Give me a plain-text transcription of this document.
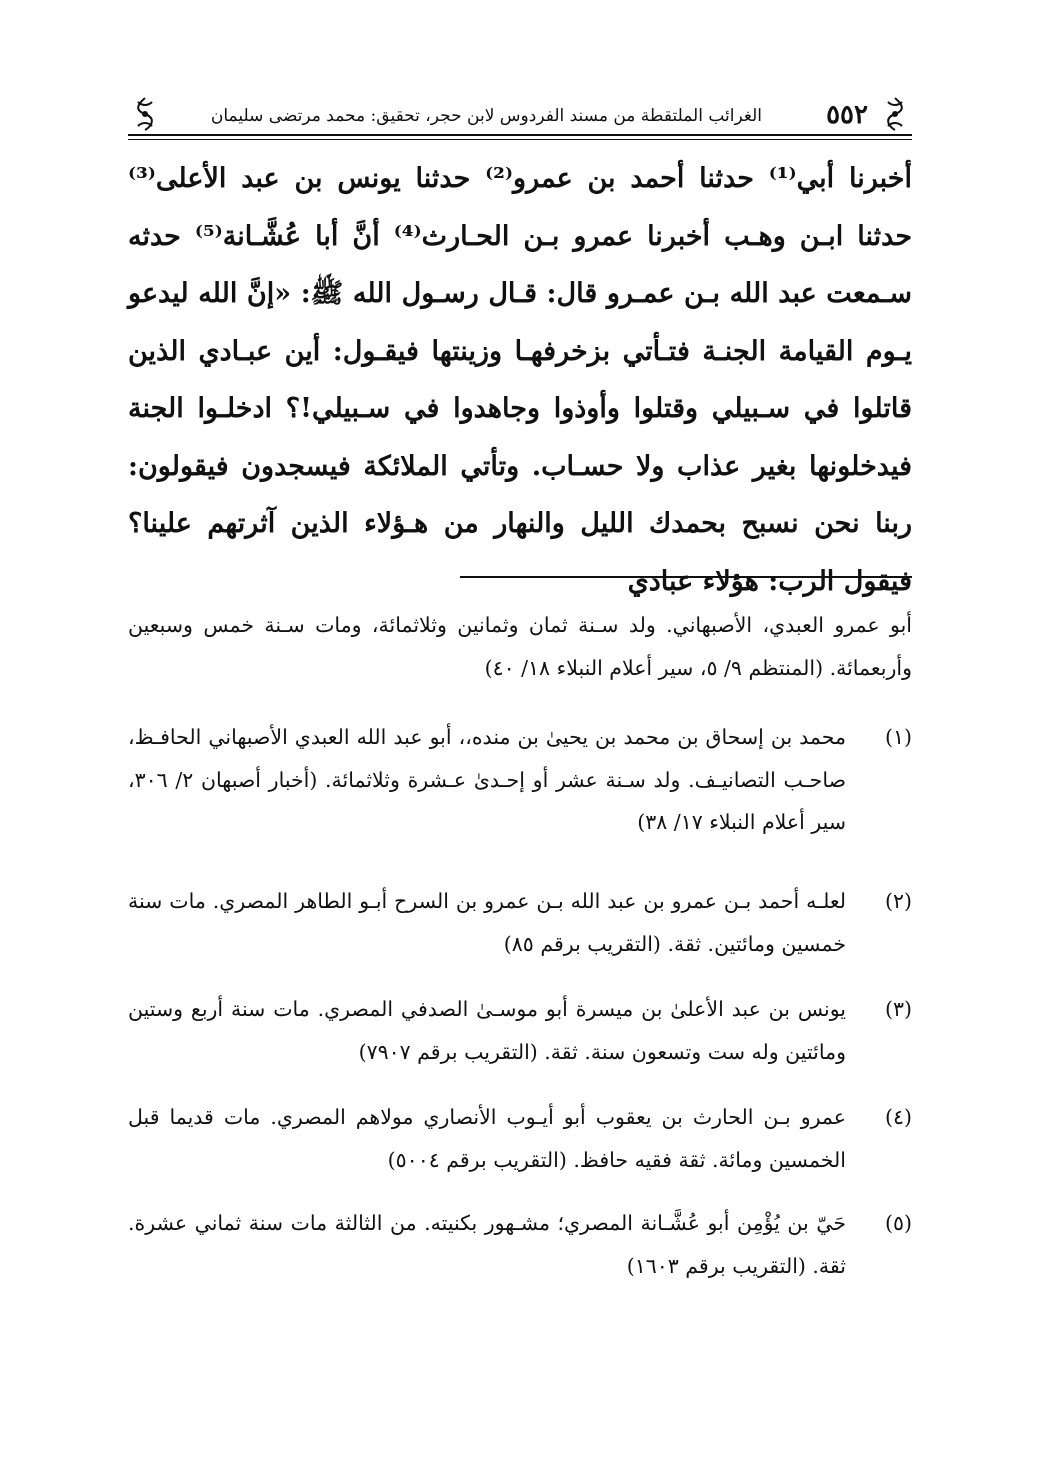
٥٥٢
الغرائب الملتقطة من مسند الفردوس لابن حجر، تحقيق: محمد مرتضى سليمان

أخبرنا أبي⁽¹⁾ حدثنا أحمد بن عمرو⁽²⁾ حدثنا يونس بن عبد الأعلى⁽³⁾ حدثنا ابـن وهـب أخبرنا عمرو بـن الحـارث⁽⁴⁾ أنَّ أبا عُشَّـانة⁽⁵⁾ حدثه سـمعت عبد الله بـن عمـرو قال: قـال رسـول الله ﷺ: «إنَّ الله ليدعو يـوم القيامة الجنـة فتـأتي بزخرفهـا وزينتها فيقـول: أين عبـادي الذين قاتلوا في سـبيلي وقتلوا وأوذوا وجاهدوا في سـبيلي!؟ ادخلـوا الجنة فيدخلونها بغير عذاب ولا حسـاب. وتأتي الملائكة فيسجدون فيقولون: ربنا نحن نسبح بحمدك الليل والنهار من هـؤلاء الذين آثرتهم علينا؟ فيقول الرب: هؤلاء عبادي

أبو عمرو العبدي، الأصبهاني. ولد سـنة ثمان وثمانين وثلاثمائة، ومات سـنة خمس وسبعين وأربعمائة. (المنتظم ٩/ ٥، سير أعلام النبلاء ١٨/ ٤٠)
(١)
محمد بن إسحاق بن محمد بن يحيىٰ بن منده،، أبو عبد الله العبدي الأصبهاني الحافـظ، صاحـب التصانيـف. ولد سـنة عشر أو إحـدىٰ عـشرة وثلاثمائة. (أخبار أصبهان ٢/ ٣٠٦، سير أعلام النبلاء ١٧/ ٣٨)
(٢)
لعلـه أحمد بـن عمرو بن عبد الله بـن عمرو بن السرح أبـو الطاهر المصري. مات سنة خمسين ومائتين. ثقة. (التقريب برقم ٨٥)
(٣)
يونس بن عبد الأعلىٰ بن ميسرة أبو موسـىٰ الصدفي المصري. مات سنة أربع وستين ومائتين وله ست وتسعون سنة. ثقة. (التقريب برقم ٧٩٠٧)
(٤)
عمرو بـن الحارث بن يعقوب أبو أيـوب الأنصاري مولاهم المصري. مات قديما قبل الخمسين ومائة. ثقة فقيه حافظ. (التقريب برقم ٥٠٠٤)
(٥)
حَيّ بن يُؤْمِن أبو عُشَّـانة المصري؛ مشـهور بكنيته. من الثالثة مات سنة ثماني عشرة. ثقة. (التقريب برقم ١٦٠٣)
